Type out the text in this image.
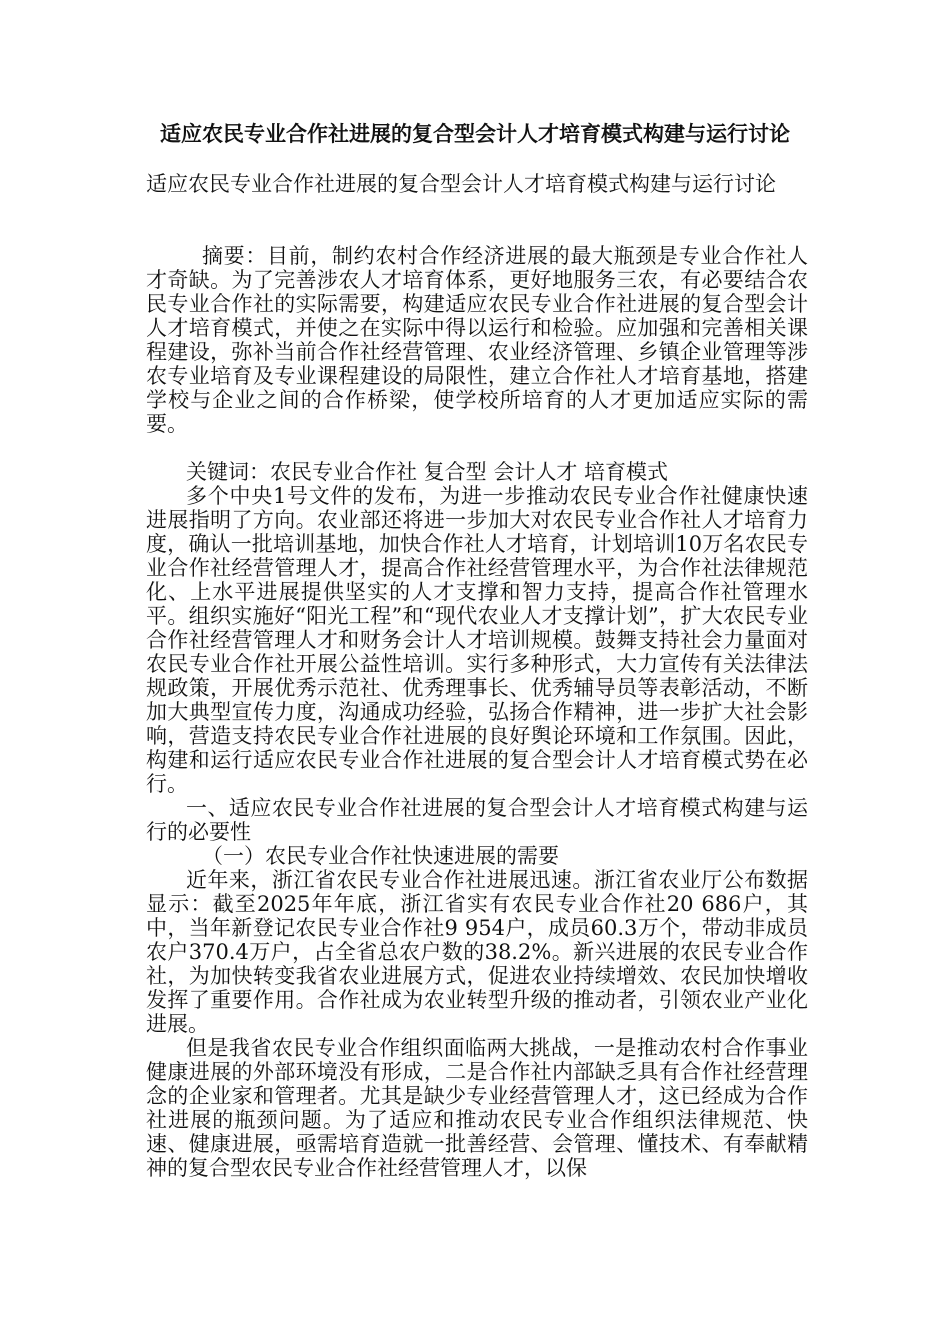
适应农民专业合作社进展的复合型会计人才培育模式构建与运行讨论

适应农民专业合作社进展的复合型会计人才培育模式构建与运行讨论

摘要：目前，制约农村合作经济进展的最大瓶颈是专业合作社人才奇缺。为了完善涉农人才培育体系，更好地服务三农，有必要结合农民专业合作社的实际需要，构建适应农民专业合作社进展的复合型会计人才培育模式，并使之在实际中得以运行和检验。应加强和完善相关课程建设，弥补当前合作社经营管理、农业经济管理、乡镇企业管理等涉农专业培育及专业课程建设的局限性，建立合作社人才培育基地，搭建学校与企业之间的合作桥梁，使学校所培育的人才更加适应实际的需要。

关键词：农民专业合作社 复合型 会计人才 培育模式

多个中央1号文件的发布，为进一步推动农民专业合作社健康快速进展指明了方向。农业部还将进一步加大对农民专业合作社人才培育力度，确认一批培训基地，加快合作社人才培育，计划培训10万名农民专业合作社经营管理人才，提高合作社经营管理水平，为合作社法律规范化、上水平进展提供坚实的人才支撑和智力支持，提高合作社管理水平。组织实施好“阳光工程”和“现代农业人才支撑计划”，扩大农民专业合作社经营管理人才和财务会计人才培训规模。鼓舞支持社会力量面对农民专业合作社开展公益性培训。实行多种形式，大力宣传有关法律法规政策，开展优秀示范社、优秀理事长、优秀辅导员等表彰活动，不断加大典型宣传力度，沟通成功经验，弘扬合作精神，进一步扩大社会影响，营造支持农民专业合作社进展的良好舆论环境和工作氛围。因此，构建和运行适应农民专业合作社进展的复合型会计人才培育模式势在必行。

一、适应农民专业合作社进展的复合型会计人才培育模式构建与运行的必要性

（一）农民专业合作社快速进展的需要

近年来，浙江省农民专业合作社进展迅速。浙江省农业厅公布数据显示：截至2025年年底，浙江省实有农民专业合作社20 686户，其中，当年新登记农民专业合作社9 954户，成员60.3万个，带动非成员农户370.4万户，占全省总农户数的38.2%。新兴进展的农民专业合作社，为加快转变我省农业进展方式，促进农业持续增效、农民加快增收发挥了重要作用。合作社成为农业转型升级的推动者，引领农业产业化进展。

但是我省农民专业合作组织面临两大挑战，一是推动农村合作事业健康进展的外部环境没有形成，二是合作社内部缺乏具有合作社经营理念的企业家和管理者。尤其是缺少专业经营管理人才，这已经成为合作社进展的瓶颈问题。为了适应和推动农民专业合作组织法律规范、快速、健康进展，亟需培育造就一批善经营、会管理、懂技术、有奉献精神的复合型农民专业合作社经营管理人才，以保
